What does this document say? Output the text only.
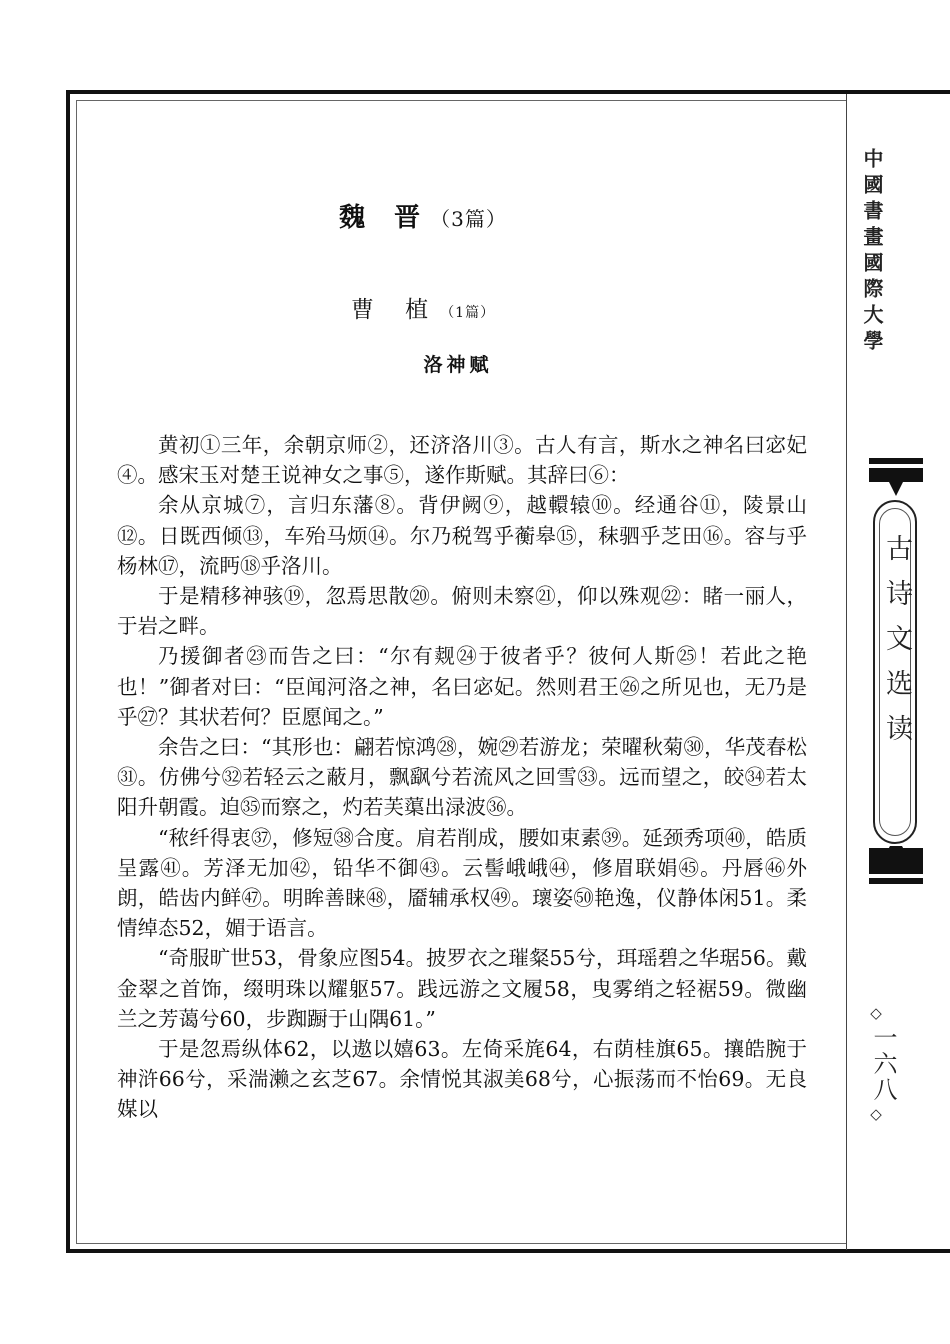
中國書畫國際大學
古诗文选读
◇
一六八
◇
魏 晋（3篇）
曹 植（1篇）
洛神赋

黄初①三年，余朝京师②，还济洛川③。古人有言，斯水之神名曰宓妃④。感宋玉对楚王说神女之事⑤，遂作斯赋。其辞曰⑥：

余从京城⑦，言归东藩⑧。背伊阙⑨，越轘辕⑩。经通谷⑪，陵景山⑫。日既西倾⑬，车殆马烦⑭。尔乃税驾乎蘅皋⑮，秣驷乎芝田⑯。容与乎杨林⑰，流眄⑱乎洛川。

于是精移神骇⑲，忽焉思散⑳。俯则未察㉑，仰以殊观㉒：睹一丽人，于岩之畔。

乃援御者㉓而告之曰：“尔有觌㉔于彼者乎？彼何人斯㉕！若此之艳也！”御者对曰：“臣闻河洛之神，名曰宓妃。然则君王㉖之所见也，无乃是乎㉗？其状若何？臣愿闻之。”

余告之曰：“其形也：翩若惊鸿㉘，婉㉙若游龙；荣曜秋菊㉚，华茂春松㉛。仿佛兮㉜若轻云之蔽月，飘飖兮若流风之回雪㉝。远而望之，皎㉞若太阳升朝霞。迫㉟而察之，灼若芙蕖出渌波㊱。

“秾纤得衷㊲，修短㊳合度。肩若削成，腰如束素㊴。延颈秀项㊵，皓质呈露㊶。芳泽无加㊷，铅华不御㊸。云髻峨峨㊹，修眉联娟㊺。丹唇㊻外朗，皓齿内鲜㊼。明眸善睐㊽，靥辅承权㊾。瓌姿㊿艳逸，仪静体闲51。柔情绰态52，媚于语言。

“奇服旷世53，骨象应图54。披罗衣之璀粲55兮，珥瑶碧之华琚56。戴金翠之首饰，缀明珠以耀躯57。践远游之文履58，曳雾绡之轻裾59。微幽兰之芳蔼兮60，步踟蹰于山隅61。”

于是忽焉纵体62，以遨以嬉63。左倚采旄64，右荫桂旗65。攘皓腕于神浒66兮，采湍濑之玄芝67。余情悦其淑美68兮，心振荡而不怡69。无良媒以
